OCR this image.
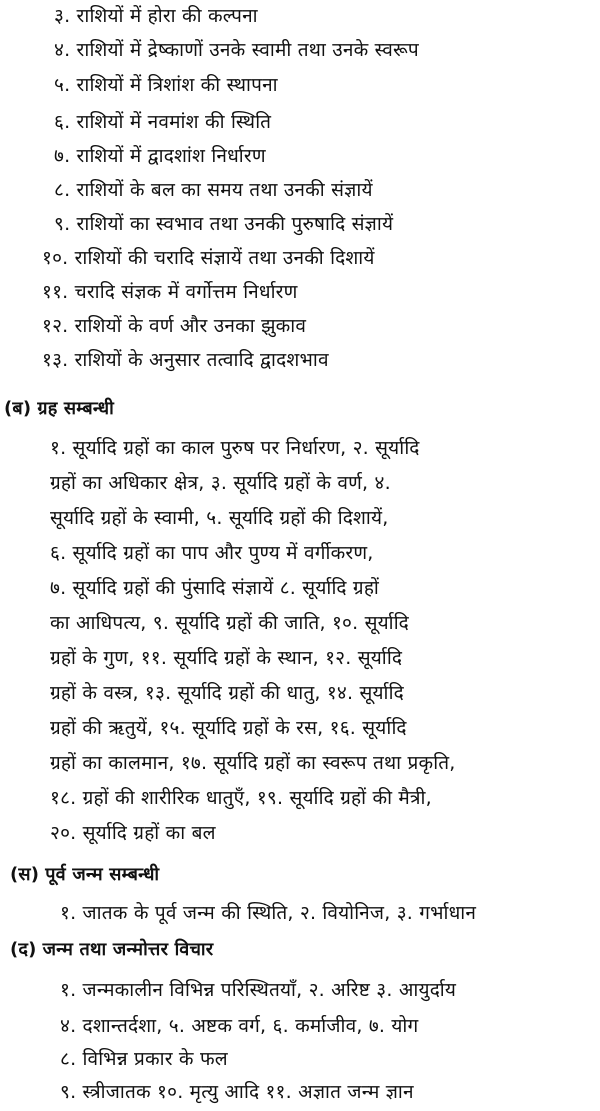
३. राशियों में होरा की कल्पना
४. राशियों में द्रेष्काणों उनके स्वामी तथा उनके स्वरूप
५. राशियों में त्रिशांश की स्थापना
६. राशियों में नवमांश की स्थिति
७. राशियों में द्वादशांश निर्धारण
८. राशियों के बल का समय तथा उनकी संज्ञायें
९. राशियों का स्वभाव तथा उनकी पुरुषादि संज्ञायें
१०. राशियों की चरादि संज्ञायें तथा उनकी दिशायें
११. चरादि संज्ञक में वर्गोत्तम निर्धारण
१२. राशियों के वर्ण और उनका झुकाव
१३. राशियों के अनुसार तत्वादि द्वादशभाव
(ब) ग्रह सम्बन्धी
१. सूर्यादि ग्रहों का काल पुरुष पर निर्धारण, २. सूर्यादि
ग्रहों का अधिकार क्षेत्र, ३. सूर्यादि ग्रहों के वर्ण, ४.
सूर्यादि ग्रहों के स्वामी, ५. सूर्यादि ग्रहों की दिशायें,
६. सूर्यादि ग्रहों का पाप और पुण्य में वर्गीकरण,
७. सूर्यादि ग्रहों की पुंसादि संज्ञायें ८. सूर्यादि ग्रहों
का आधिपत्य, ९. सूर्यादि ग्रहों की जाति, १०. सूर्यादि
ग्रहों के गुण, ११. सूर्यादि ग्रहों के स्थान, १२. सूर्यादि
ग्रहों के वस्त्र, १३. सूर्यादि ग्रहों की धातु, १४. सूर्यादि
ग्रहों की ऋतुयें, १५. सूर्यादि ग्रहों के रस, १६. सूर्यादि
ग्रहों का कालमान, १७. सूर्यादि ग्रहों का स्वरूप तथा प्रकृति,
१८. ग्रहों की शारीरिक धातुएँ, १९. सूर्यादि ग्रहों की मैत्री,
२०. सूर्यादि ग्रहों का बल
(स) पूर्व जन्म सम्बन्धी
१. जातक के पूर्व जन्म की स्थिति, २. वियोनिज, ३. गर्भाधान
(द) जन्म तथा जन्मोत्तर विचार
१. जन्मकालीन विभिन्न परिस्थितयाँ, २. अरिष्ट ३. आयुर्दाय
४. दशान्तर्दशा, ५. अष्टक वर्ग, ६. कर्माजीव, ७. योग
८. विभिन्न प्रकार के फल
९. स्त्रीजातक १०. मृत्यु आदि ११. अज्ञात जन्म ज्ञान
